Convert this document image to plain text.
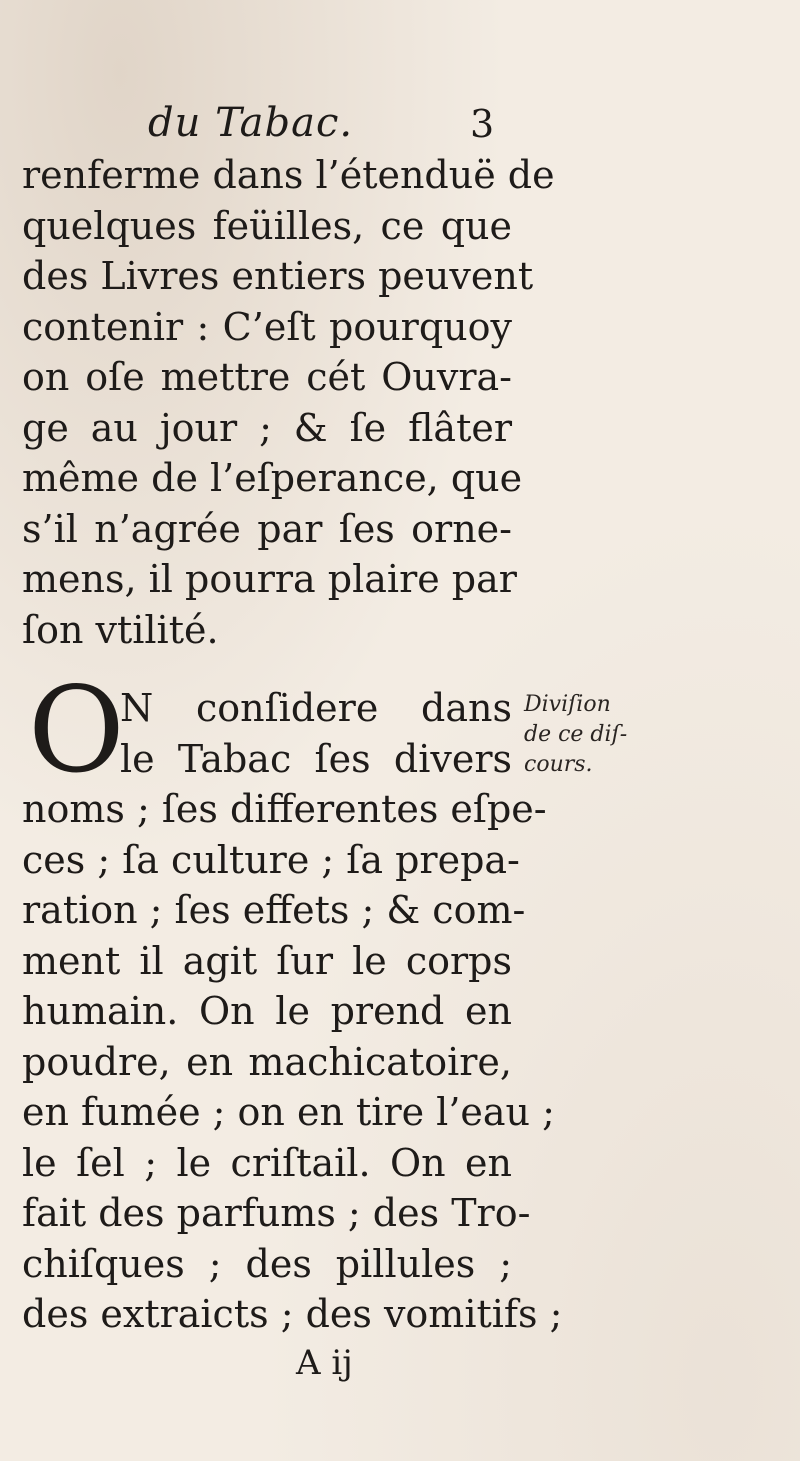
du Tabac.	3
renferme dans l’étenduë de
quelques feüilles, ce que
des Livres entiers peuvent
contenir : C’eſt pourquoy
on oſe mettre cét Ouvra-
ge au jour ; & ſe flâter
même de l’eſperance, que
s’il n’agrée par ſes orne-
mens, il pourra plaire par
ſon vtilité.
O
N conſidere dans
le Tabac ſes divers
noms ; ſes differentes eſpe-
ces ; ſa culture ; ſa prepa-
ration ; ſes effets ; & com-
ment il agit ſur le corps
humain. On le prend en
poudre, en machicatoire,
en fumée ; on en tire l’eau ;
le ſel ; le criſtail. On en
fait des parfums ; des Tro-
chiſques ; des pillules ;
des extraicts ; des vomitifs ;
Diviſion
de ce diſ-
cours.
A ij
